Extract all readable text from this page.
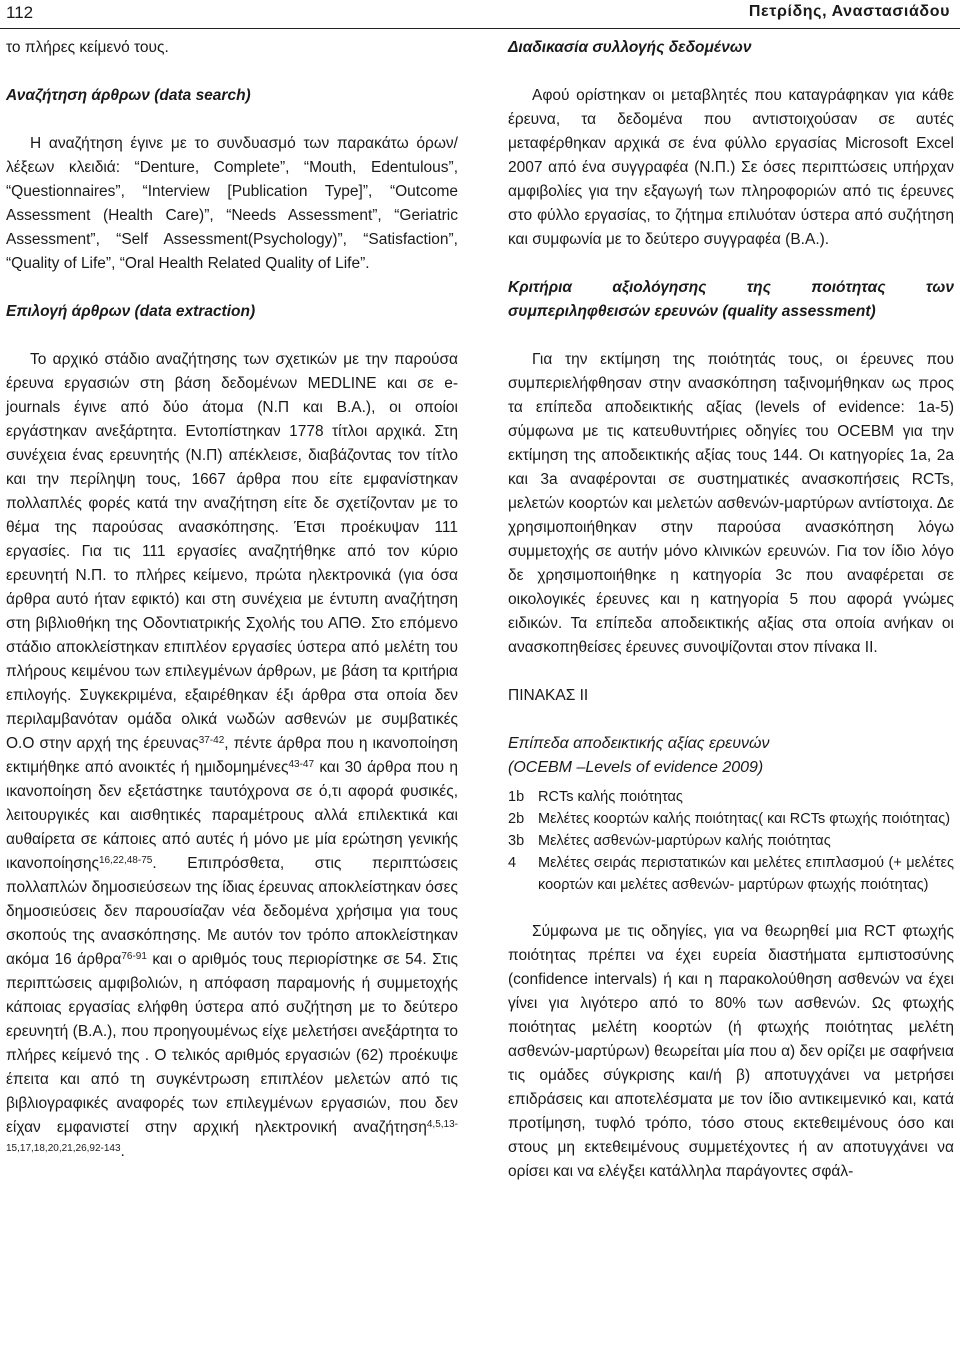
112	Πετρίδης, Αναστασιάδου

το πλήρες κείμενό τους.

Αναζήτηση άρθρων (data search)

Η αναζήτηση έγινε με το συνδυασμό των παρακάτω όρων/λέξεων κλειδιά: “Denture, Complete”, “Mouth, Edentulous”, “Questionnaires”, “Interview [Publication Type]”, “Outcome Assessment (Health Care)”, “Needs Assessment”, “Geriatric Assessment”, “Self Assessment(Psychology)”, “Satisfaction”, “Quality of Life”, “Oral Health Related Quality of Life”.

Επιλογή άρθρων (data extraction)

Το αρχικό στάδιο αναζήτησης των σχετικών με την παρούσα έρευνα εργασιών στη βάση δεδομένων MEDLINE και σε e-journals έγινε από δύο άτομα (Ν.Π και Β.Α.), οι οποίοι εργάστηκαν ανεξάρτητα. Εντοπίστηκαν 1778 τίτλοι αρχικά. Στη συνέχεια ένας ερευνητής (Ν.Π) απέκλεισε, διαβάζοντας τον τίτλο και την περίληψη τους, 1667 άρθρα που είτε εμφανίστηκαν πολλαπλές φορές κατά την αναζήτηση είτε δε σχετίζονταν με το θέμα της παρούσας ανασκόπησης. Έτσι προέκυψαν 111 εργασίες. Για τις 111 εργασίες αναζητήθηκε από τον κύριο ερευνητή Ν.Π. το πλήρες κείμενο, πρώτα ηλεκτρονικά (για όσα άρθρα αυτό ήταν εφικτό) και στη συνέχεια με έντυπη αναζήτηση στη βιβλιοθήκη της Οδοντιατρικής Σχολής του ΑΠΘ. Στο επόμενο στάδιο αποκλείστηκαν επιπλέον εργασίες ύστερα από μελέτη του πλήρους κειμένου των επιλεγμένων άρθρων, με βάση τα κριτήρια επιλογής. Συγκεκριμένα, εξαιρέθηκαν έξι άρθρα στα οποία δεν περιλαμβανόταν ομάδα ολικά νωδών ασθενών με συμβατικές Ο.Ο στην αρχή της έρευνας$^{37-42}$, πέντε άρθρα που η ικανοποίηση εκτιμήθηκε από ανοικτές ή ημιδομημένες$^{43-47}$ και 30 άρθρα που η ικανοποίηση δεν εξετάστηκε ταυτόχρονα σε ό,τι αφορά φυσικές, λειτουργικές και αισθητικές παραμέτρους αλλά επιλεκτικά και αυθαίρετα σε κάποιες από αυτές ή μόνο με μία ερώτηση γενικής ικανοποίησης$^{16,22,48-75}$. Επιπρόσθετα, στις περιπτώσεις πολλαπλών δημοσιεύσεων της ίδιας έρευνας αποκλείστηκαν όσες δημοσιεύσεις δεν παρουσίαζαν νέα δεδομένα χρήσιμα για τους σκοπούς της ανασκόπησης. Με αυτόν τον τρόπο αποκλείστηκαν ακόμα 16 άρθρα$^{76-91}$ και ο αριθμός τους περιορίστηκε σε 54. Στις περιπτώσεις αμφιβολιών, η απόφαση παραμονής ή συμμετοχής κάποιας εργασίας ελήφθη ύστερα από συζήτηση με το δεύτερο ερευνητή (Β.Α.), που προηγουμένως είχε μελετήσει ανεξάρτητα το πλήρες κείμενό της . Ο τελικός αριθμός εργασιών (62) προέκυψε έπειτα και από τη συγκέντρωση επιπλέον μελετών από τις βιβλιογραφικές αναφορές των επιλεγμένων εργασιών, που δεν είχαν εμφανιστεί στην αρχική ηλεκτρονική αναζήτηση$^{4,5,13-15,17,18,20,21,26,92-143}$.

Διαδικασία συλλογής δεδομένων

Αφού ορίστηκαν οι μεταβλητές που καταγράφηκαν για κάθε έρευνα, τα δεδομένα που αντιστοιχούσαν σε αυτές μεταφέρθηκαν αρχικά σε ένα φύλλο εργασίας Microsoft Excel 2007 από ένα συγγραφέα (Ν.Π.) Σε όσες περιπτώσεις υπήρχαν αμφιβολίες για την εξαγωγή των πληροφοριών από τις έρευνες στο φύλλο εργασίας, το ζήτημα επιλυόταν ύστερα από συζήτηση και συμφωνία με το δεύτερο συγγραφέα (Β.Α.).

Κριτήρια αξιολόγησης της ποιότητας των συμπεριληφθεισών ερευνών (quality assessment)

Για την εκτίμηση της ποιότητάς τους, οι έρευνες που συμπεριελήφθησαν στην ανασκόπηση ταξινομήθηκαν ως προς τα επίπεδα αποδεικτικής αξίας (levels of evidence: 1a-5) σύμφωνα με τις κατευθυντήριες οδηγίες του OCEBM για την εκτίμηση της αποδεικτικής αξίας τους 144. Οι κατηγορίες 1a, 2a και 3a αναφέρονται σε συστηματικές ανασκοπήσεις RCTs, μελετών κοορτών και μελετών ασθενών-μαρτύρων αντίστοιχα. Δε χρησιμοποιήθηκαν στην παρούσα ανασκόπηση λόγω συμμετοχής σε αυτήν μόνο κλινικών ερευνών. Για τον ίδιο λόγο δε χρησιμοποιήθηκε η κατηγορία 3c που αναφέρεται σε οικολογικές έρευνες και η κατηγορία 5 που αφορά γνώμες ειδικών. Τα επίπεδα αποδεικτικής αξίας στα οποία ανήκαν οι ανασκοπηθείσες έρευνες συνοψίζονται στον πίνακα ΙΙ.

ΠΙΝΑΚΑΣ ΙΙ

Επίπεδα αποδεικτικής αξίας ερευνών

(OCEBM –Levels of evidence 2009)

1b RCTs καλής ποιότητας
2b Μελέτες κοορτών καλής ποιότητας( και RCTs φτωχής ποιότητας)
3b Μελέτες ασθενών-μαρτύρων καλής ποιότητας
4	Μελέτες σειράς περιστατικών και μελέτες επιπλασμού (+ μελέτες κοορτών και μελέτες ασθενών- μαρτύρων φτωχής ποιότητας)

Σύμφωνα με τις οδηγίες, για να θεωρηθεί μια RCT φτωχής ποιότητας πρέπει να έχει ευρεία διαστήματα εμπιστοσύνης (confidence intervals) ή και η παρακολούθηση ασθενών να έχει γίνει για λιγότερο από το 80% των ασθενών. Ως φτωχής ποιότητας μελέτη κοορτών (ή φτωχής ποιότητας μελέτη ασθενών-μαρτύρων) θεωρείται μία που α) δεν ορίζει με σαφήνεια τις ομάδες σύγκρισης και/ή β) αποτυγχάνει να μετρήσει επιδράσεις και αποτελέσματα με τον ίδιο αντικειμενικό και, κατά προτίμηση, τυφλό τρόπο, τόσο στους εκτεθειμένους όσο και στους μη εκτεθειμένους συμμετέχοντες ή αν αποτυγχάνει να ορίσει και να ελέγξει κατάλληλα παράγοντες σφάλ-
